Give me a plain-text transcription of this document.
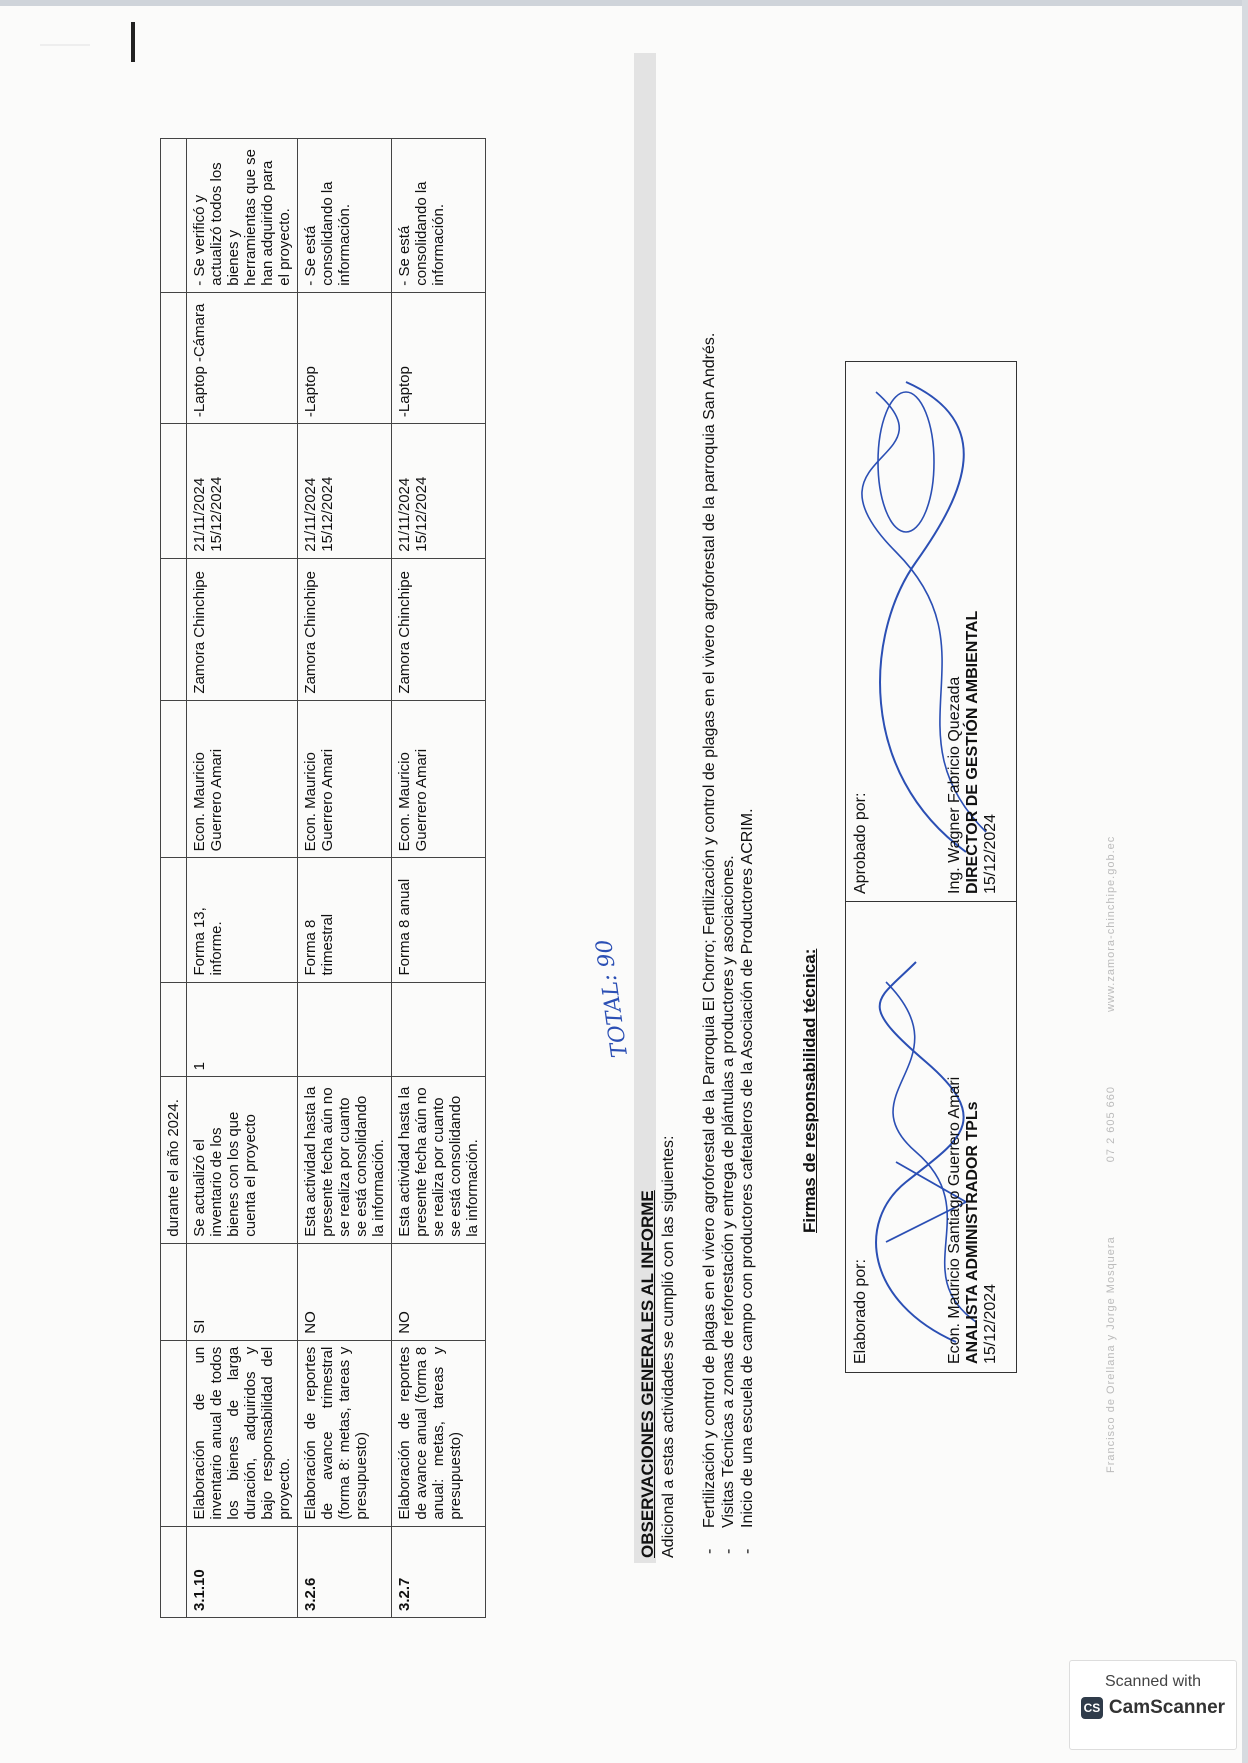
			durante el año 2024.							
3.1.10	Elaboración de un inventario anual de todos los bienes de larga duración, adquiridos y bajo responsabilidad del proyecto.	SI	Se actualizó el inventario de los bienes con los que cuenta el proyecto	1	Forma 13, informe.	Econ. Mauricio Guerrero Amari	Zamora Chinchipe	21/11/2024 15/12/2024	-Laptop -Cámara	- Se verificó y actualizó todos los bienes y herramientas que se han adquirido para el proyecto.
3.2.6	Elaboración de reportes de avance trimestral (forma 8: metas, tareas y presupuesto)	NO	Esta actividad hasta la presente fecha aún no se realiza por cuanto se está consolidando la información.		Forma 8 trimestral	Econ. Mauricio Guerrero Amari	Zamora Chinchipe	21/11/2024 15/12/2024	-Laptop	- Se está consolidando la información.
3.2.7	Elaboración de reportes de avance anual (forma 8 anual: metas, tareas y presupuesto)	NO	Esta actividad hasta la presente fecha aún no se realiza por cuanto se está consolidando la información.		Forma 8 anual	Econ. Mauricio Guerrero Amari	Zamora Chinchipe	21/11/2024 15/12/2024	-Laptop	- Se está consolidando la información.
TOTAL: 90
OBSERVACIONES GENERALES AL INFORME Adicional a estas actividades se cumplió con las siguientes: - Fertilización y control de plagas en el vivero agroforestal de la Parroquia El Chorro; Fertilización y control de plagas en el vivero agroforestal de la parroquia San Andrés. - Visitas Técnicas a zonas de reforestación y entrega de plántulas a productores y asociaciones. - Inicio de una escuela de campo con productores cafetaleros de la Asociación de Productores ACRIM.	Firmas de responsabilidad técnica:
Elaborado por:	Econ. Mauricio Santiago Guerrero Amari ANALISTA ADMINISTRADOR TPLs 15/12/2024
Aprobado por:	Ing. Wagner Fabricio Quezada DIRECTOR DE GESTIÓN AMBIENTAL 15/12/2024
Francisco de Orellana y Jorge Mosquera 07 2 605 660 www.zamora-chinchipe.gob.ec
Scanned with
CS CamScanner
